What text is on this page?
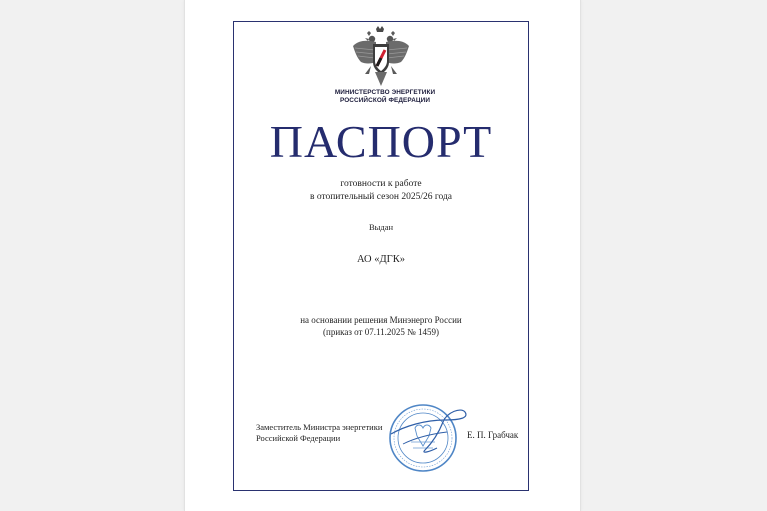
МИНИСТЕРСТВО ЭНЕРГЕТИКИ
РОССИЙСКОЙ ФЕДЕРАЦИИ
ПАСПОРТ
готовности к работе
в отопительный сезон 2025/26 года
Выдан
АО «ДГК»
на основании решения Минэнерго России
(приказ от 07.11.2025 № 1459)
Заместитель Министра энергетики
Российской Федерации	Е. П. Грабчак
